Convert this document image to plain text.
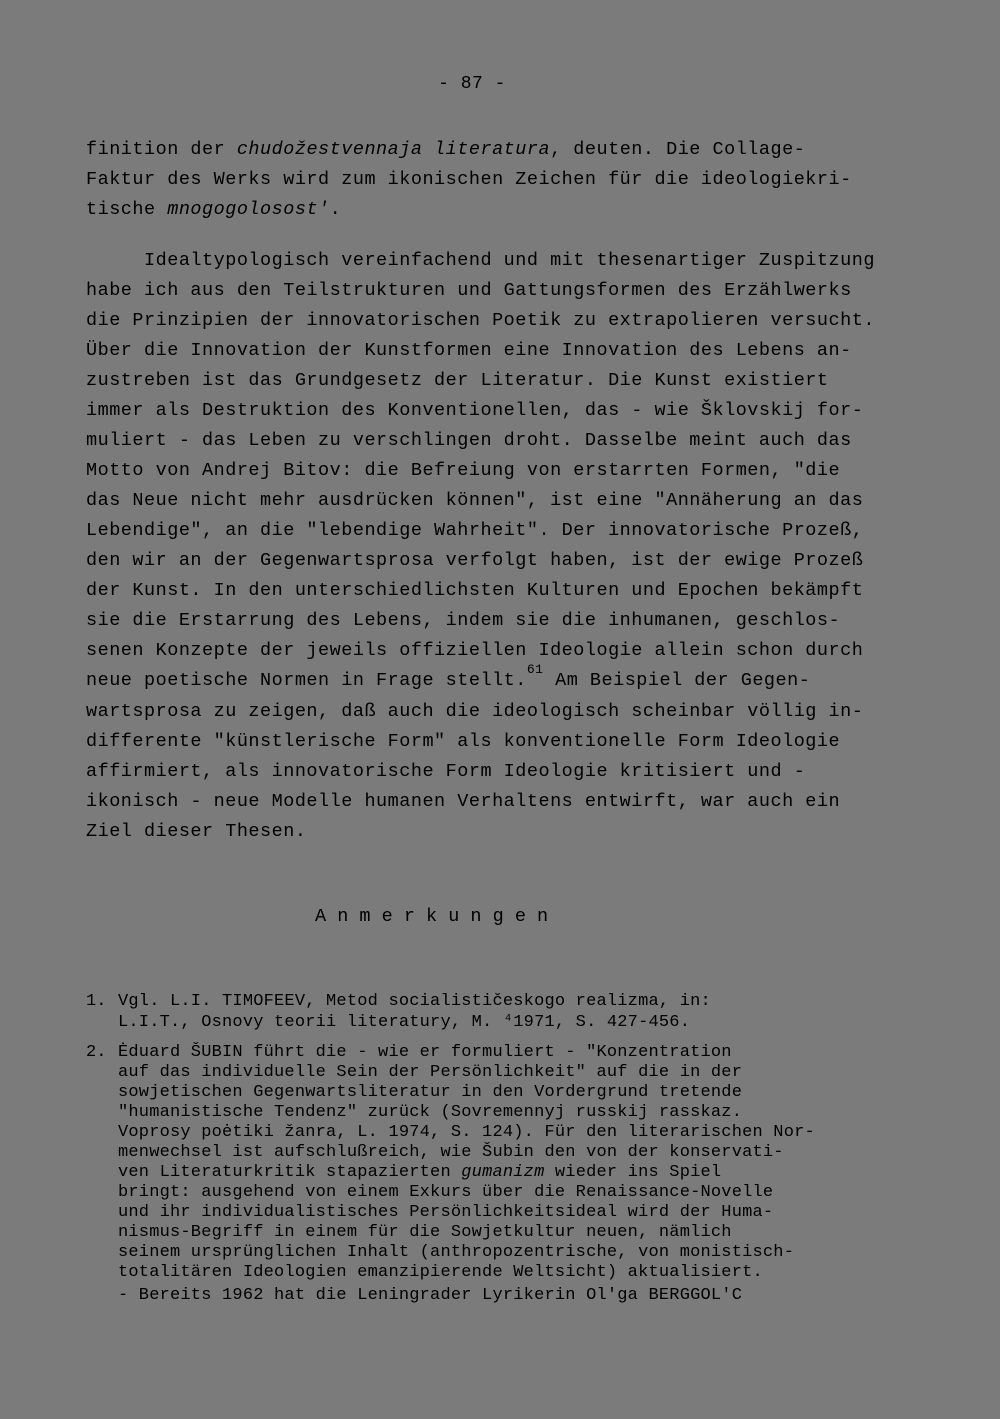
- 87 -
finition der chudožestvennaja literatura, deuten. Die Collage-
Faktur des Werks wird zum ikonischen Zeichen für die ideologiekri-
tische mnogogolosost'.
Idealtypologisch vereinfachend und mit thesenartiger Zuspitzung
habe ich aus den Teilstrukturen und Gattungsformen des Erzählwerks
die Prinzipien der innovatorischen Poetik zu extrapolieren versucht.
Über die Innovation der Kunstformen eine Innovation des Lebens an-
zustreben ist das Grundgesetz der Literatur. Die Kunst existiert
immer als Destruktion des Konventionellen, das - wie Šklovskij for-
muliert - das Leben zu verschlingen droht. Dasselbe meint auch das
Motto von Andrej Bitov: die Befreiung von erstarrten Formen, "die
das Neue nicht mehr ausdrücken können", ist eine "Annäherung an das
Lebendige", an die "lebendige Wahrheit". Der innovatorische Prozeß,
den wir an der Gegenwartsprosa verfolgt haben, ist der ewige Prozeß
der Kunst. In den unterschiedlichsten Kulturen und Epochen bekämpft
sie die Erstarrung des Lebens, indem sie die inhumanen, geschlos-
senen Konzepte der jeweils offiziellen Ideologie allein schon durch
neue poetische Normen in Frage stellt.$^{61}$ Am Beispiel der Gegen-
wartsprosa zu zeigen, daß auch die ideologisch scheinbar völlig in-
differente "künstlerische Form" als konventionelle Form Ideologie
affirmiert, als innovatorische Form Ideologie kritisiert und -
ikonisch - neue Modelle humanen Verhaltens entwirft, war auch ein
Ziel dieser Thesen.
A n m e r k u n g e n
1. Vgl. L.I. TIMOFEEV, Metod socialističeskogo realizma, in:
L.I.T., Osnovy teorii literatury, M. ⁴1971, S. 427-456.
2. Ėduard ŠUBIN führt die - wie er formuliert - "Konzentration
auf das individuelle Sein der Persönlichkeit" auf die in der
sowjetischen Gegenwartsliteratur in den Vordergrund tretende
"humanistische Tendenz" zurück (Sovremennyj russkij rasskaz.
Voprosy poėtiki žanra, L. 1974, S. 124). Für den literarischen Nor-
menwechsel ist aufschlußreich, wie Šubin den von der konservati-
ven Literaturkritik stapazierten gumanizm wieder ins Spiel
bringt: ausgehend von einem Exkurs über die Renaissance-Novelle
und ihr individualistisches Persönlichkeitsideal wird der Huma-
nismus-Begriff in einem für die Sowjetkultur neuen, nämlich
seinem ursprünglichen Inhalt (anthropozentrische, von monistisch-
totalitären Ideologien emanzipierende Weltsicht) aktualisiert.
- Bereits 1962 hat die Leningrader Lyrikerin Ol'ga BERGGOL'C
